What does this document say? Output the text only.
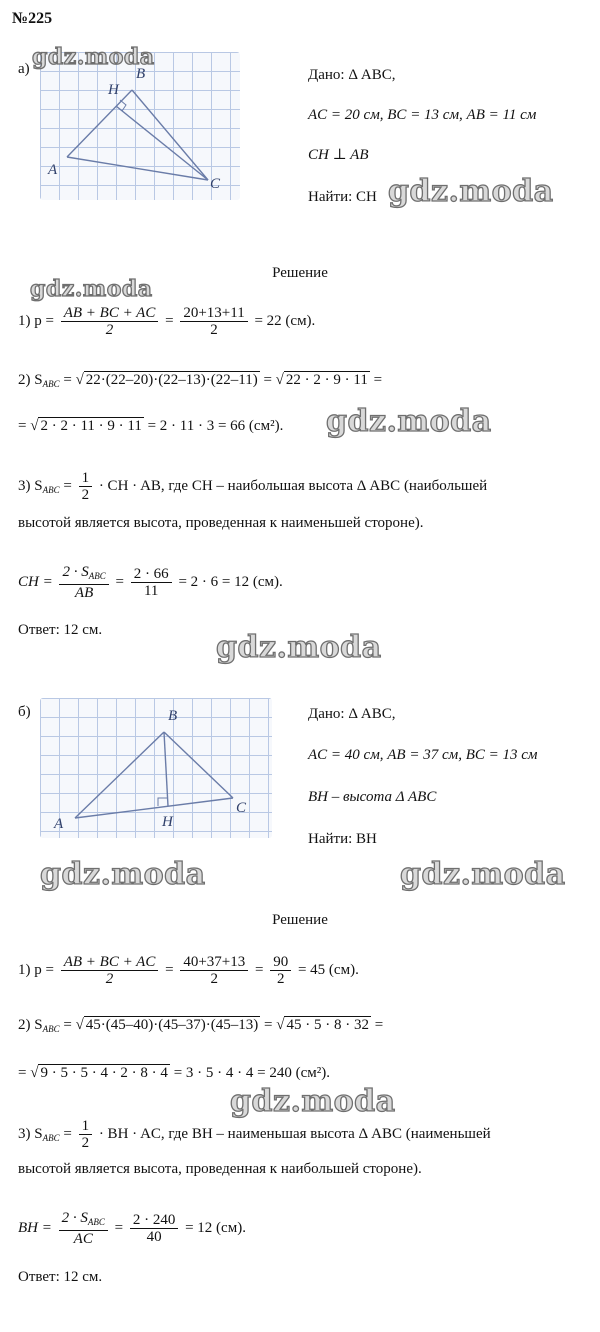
№225
а)	В
Н
А
С
Дано: Δ ABC,
AC = 20 см, BC = 13 см, AB = 11 см
CH ⊥ AB
Найти: CH
Решение
1) $p = \frac{AB + BC + AC}{2} = \frac{20+13+11}{2} = 22$ (см).
2) $S_{ABC}$ = √ 22·(22–20)·(22–13)·(22–11) = √ 22 · 2 · 9 · 11 =
= √ 2 · 2 · 11 · 9 · 11 = 2 · 11 · 3 = 66 (см²).
3) $S_{ABC} = \frac{1}{2}$ · CH · AB, где CH – наибольшая высота Δ ABC (наибольшей
высотой является высота, проведенная к наименьшей стороне).
CH = $\frac{2 \cdot S_{ABC}}{AB} = \frac{2 \cdot 66}{11} = 2 \cdot 6 = 12$ (см).
Ответ: 12 см.
б)	В
С
Н
А
Дано: Δ ABC,
AC = 40 см, AB = 37 см, BC = 13 см
BH – высота Δ ABC
Найти: BH
Решение
1) $p = \frac{AB + BC + AC}{2} = \frac{40+37+13}{2} = \frac{90}{2} = 45$ (см).
2) $S_{ABC}$ = √ 45·(45–40)·(45–37)·(45–13) = √ 45 · 5 · 8 · 32 =
= √ 9 · 5 · 5 · 4 · 2 · 8 · 4 = 3 · 5 · 4 · 4 = 240 (см²).
3) $S_{ABC} = \frac{1}{2}$ · BH · AC, где BH – наименьшая высота Δ ABC (наименьшей
высотой является высота, проведенная к наибольшей стороне).
BH = $\frac{2 \cdot S_{ABC}}{AC} = \frac{2 \cdot 240}{40} = 12$ (см).
Ответ: 12 см.
gdz.moda
gdz.moda
gdz.moda
gdz.moda
gdz.moda
gdz.moda	gdz.moda
gdz.moda
